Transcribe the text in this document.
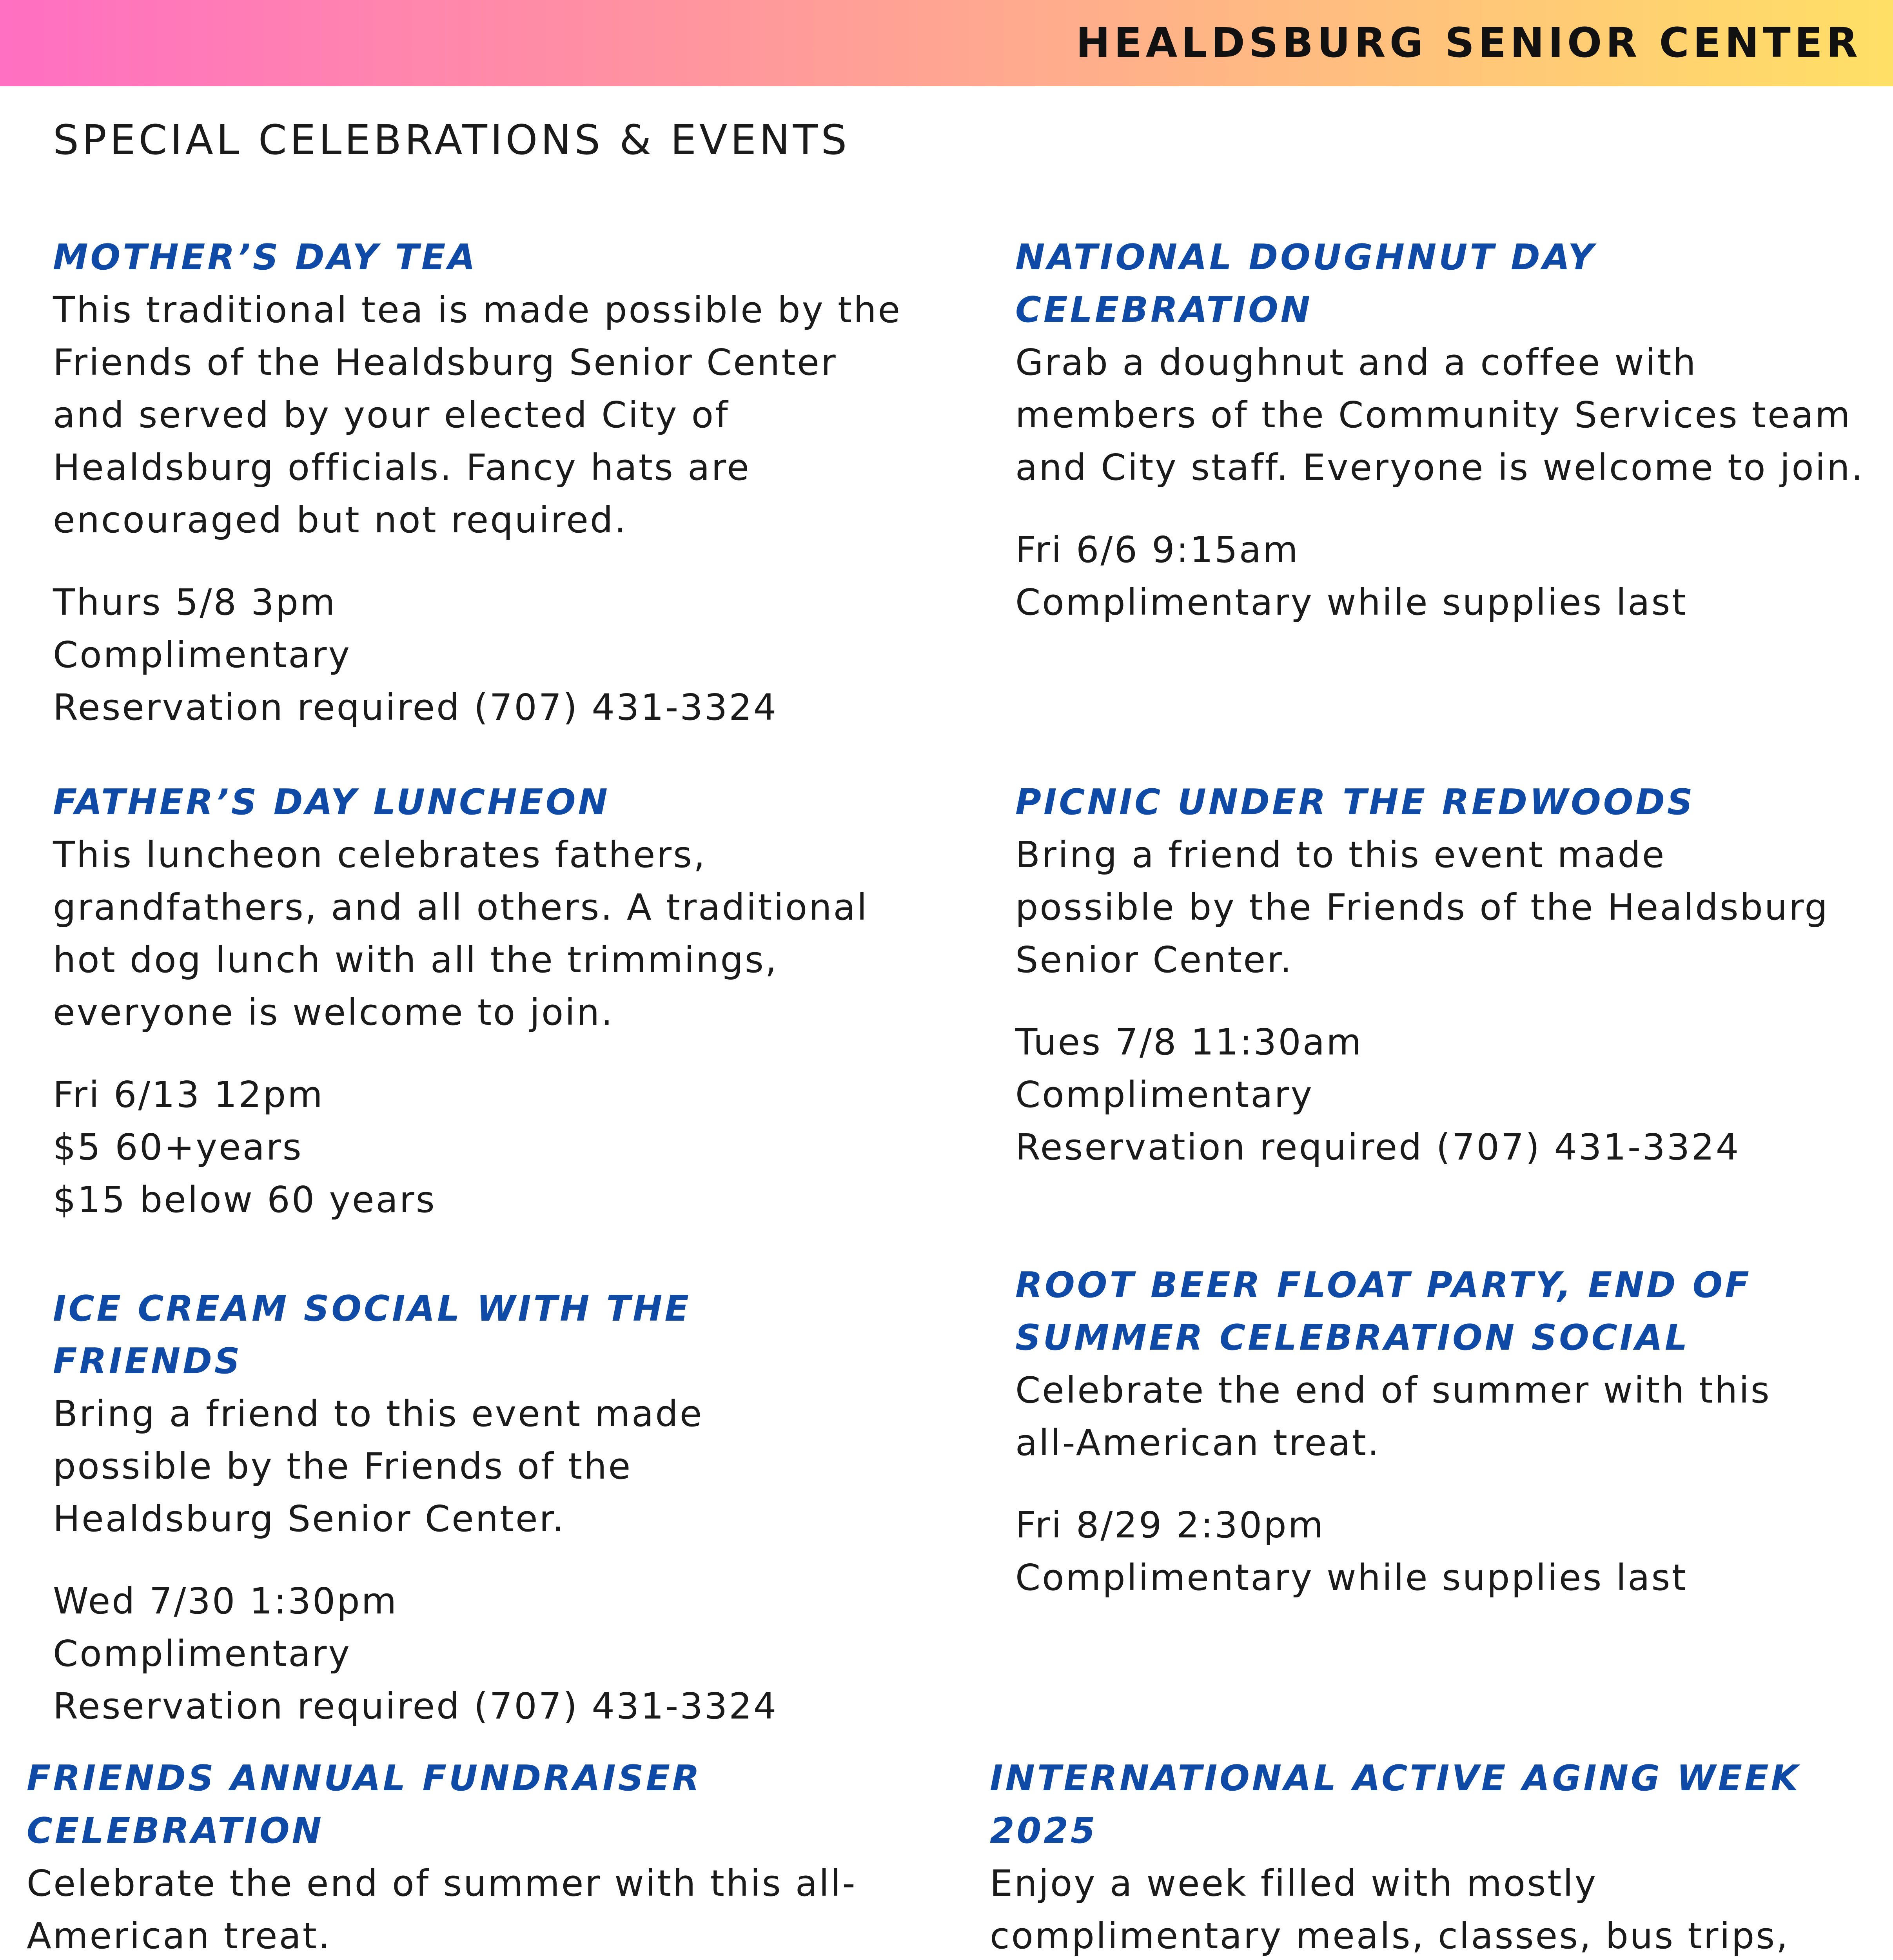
HEALDSBURG SENIOR CENTER
SPECIAL CELEBRATIONS & EVENTS
MOTHER’S DAY TEA
This traditional tea is made possible by the Friends of the Healdsburg Senior Center and served by your elected City of Healdsburg officials. Fancy hats are encouraged but not required.
Thurs 5/8 3pm
Complimentary
Reservation required (707) 431-3324
NATIONAL DOUGHNUT DAY CELEBRATION
Grab a doughnut and a coffee with members of the Community Services team and City staff. Everyone is welcome to join.
Fri 6/6 9:15am
Complimentary while supplies last
FATHER’S DAY LUNCHEON
This luncheon celebrates fathers, grandfathers, and all others. A traditional hot dog lunch with all the trimmings, everyone is welcome to join.
Fri 6/13 12pm
$5 60+years
$15 below 60 years
PICNIC UNDER THE REDWOODS
Bring a friend to this event made possible by the Friends of the Healdsburg Senior Center.
Tues 7/8 11:30am
Complimentary
Reservation required (707) 431-3324
ICE CREAM SOCIAL WITH THE FRIENDS
Bring a friend to this event made possible by the Friends of the Healdsburg Senior Center.
Wed 7/30 1:30pm
Complimentary
Reservation required (707) 431-3324
ROOT BEER FLOAT PARTY, END OF SUMMER CELEBRATION SOCIAL
Celebrate the end of summer with this all-American treat.
Fri 8/29 2:30pm
Complimentary while supplies last
FRIENDS ANNUAL FUNDRAISER CELEBRATION
Celebrate the end of summer with this all-American treat.
INTERNATIONAL ACTIVE AGING WEEK 2025
Enjoy a week filled with mostly complimentary meals, classes, bus trips,
